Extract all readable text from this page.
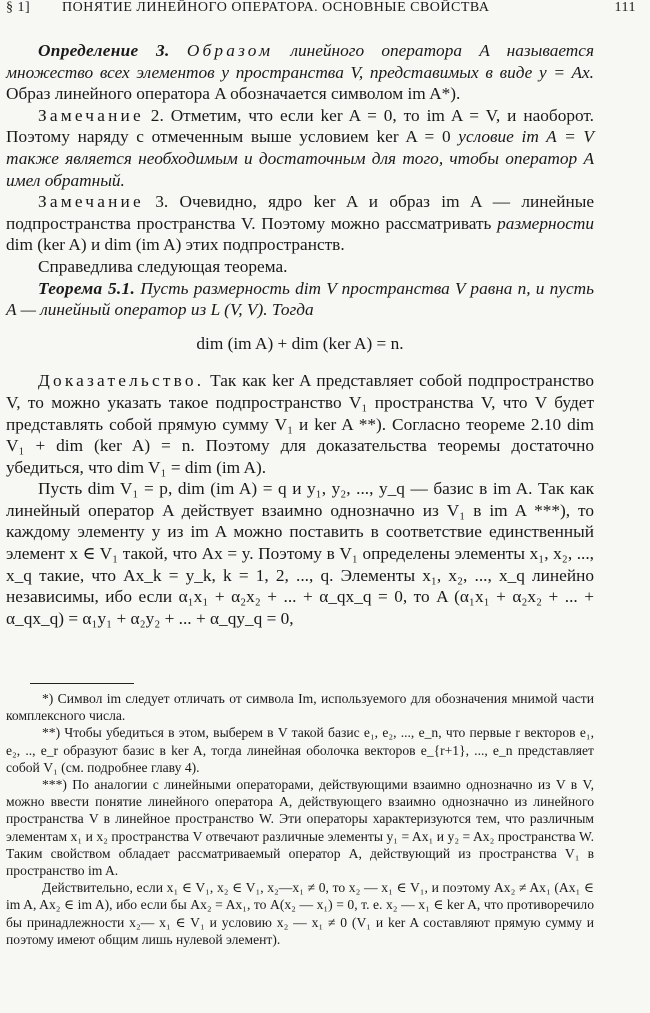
§ 1] ПОНЯТИЕ ЛИНЕЙНОГО ОПЕРАТОРА. ОСНОВНЫЕ СВОЙСТВА	111

Определение 3. Образом линейного оператора A называется множество всех элементов y пространства V, представимых в виде y = Ax. Образ линейного оператора A обозначается символом im A*).

Замечание 2. Отметим, что если ker A = 0, то im A = V, и наоборот. Поэтому наряду с отмеченным выше условием ker A = 0 условие im A = V также является необходимым и достаточным для того, чтобы оператор A имел обратный.

Замечание 3. Очевидно, ядро ker A и образ im A — линейные подпространства пространства V. Поэтому можно рассматривать размерности dim (ker A) и dim (im A) этих подпространств.

Справедлива следующая теорема.

Теорема 5.1. Пусть размерность dim V пространства V равна n, и пусть A — линейный оператор из L (V, V). Тогда

dim (im A) + dim (ker A) = n.

Доказательство. Так как ker A представляет собой подпространство V, то можно указать такое подпространство V₁ пространства V, что V будет представлять собой прямую сумму V₁ и ker A **). Согласно теореме 2.10 dim V₁ + dim (ker A) = n. Поэтому для доказательства теоремы достаточно убедиться, что dim V₁ = dim (im A).

Пусть dim V₁ = p, dim (im A) = q и y₁, y₂, ..., y_q — базис в im A. Так как линейный оператор A действует взаимно однозначно из V₁ в im A ***), то каждому элементу y из im A можно поставить в соответствие единственный элемент x ∈ V₁ такой, что Ax = y. Поэтому в V₁ определены элементы x₁, x₂, ..., x_q такие, что Ax_k = y_k, k = 1, 2, ..., q. Элементы x₁, x₂, ..., x_q линейно независимы, ибо если α₁x₁ + α₂x₂ + ... + α_qx_q = 0, то A (α₁x₁ + α₂x₂ + ... + α_qx_q) = α₁y₁ + α₂y₂ + ... + α_qy_q = 0,

*) Символ im следует отличать от символа Im, используемого для обозначения мнимой части комплексного числа.

**) Чтобы убедиться в этом, выберем в V такой базис e₁, e₂, ..., e_n, что первые r векторов e₁, e₂, .., e_r образуют базис в ker A, тогда линейная оболочка векторов e_{r+1}, ..., e_n представляет собой V₁ (см. подробнее главу 4).

***) По аналогии с линейными операторами, действующими взаимно однозначно из V в V, можно ввести понятие линейного оператора A, действующего взаимно однозначно из линейного пространства V в линейное пространство W. Эти операторы характеризуются тем, что различным элементам x₁ и x₂ пространства V отвечают различные элементы y₁ = Ax₁ и y₂ = Ax₂ пространства W. Таким свойством обладает рассматриваемый оператор A, действующий из пространства V₁ в пространство im A.

Действительно, если x₁ ∈ V₁, x₂ ∈ V₁, x₂—x₁ ≠ 0, то x₂ — x₁ ∈ V₁, и поэтому Ax₂ ≠ Ax₁ (Ax₁ ∈ im A, Ax₂ ∈ im A), ибо если бы Ax₂ = Ax₁, то A(x₂ — x₁) = 0, т. е. x₂ — x₁ ∈ ker A, что противоречило бы принадлежности x₂— x₁ ∈ V₁ и условию x₂ — x₁ ≠ 0 (V₁ и ker A составляют прямую сумму и поэтому имеют общим лишь нулевой элемент).
